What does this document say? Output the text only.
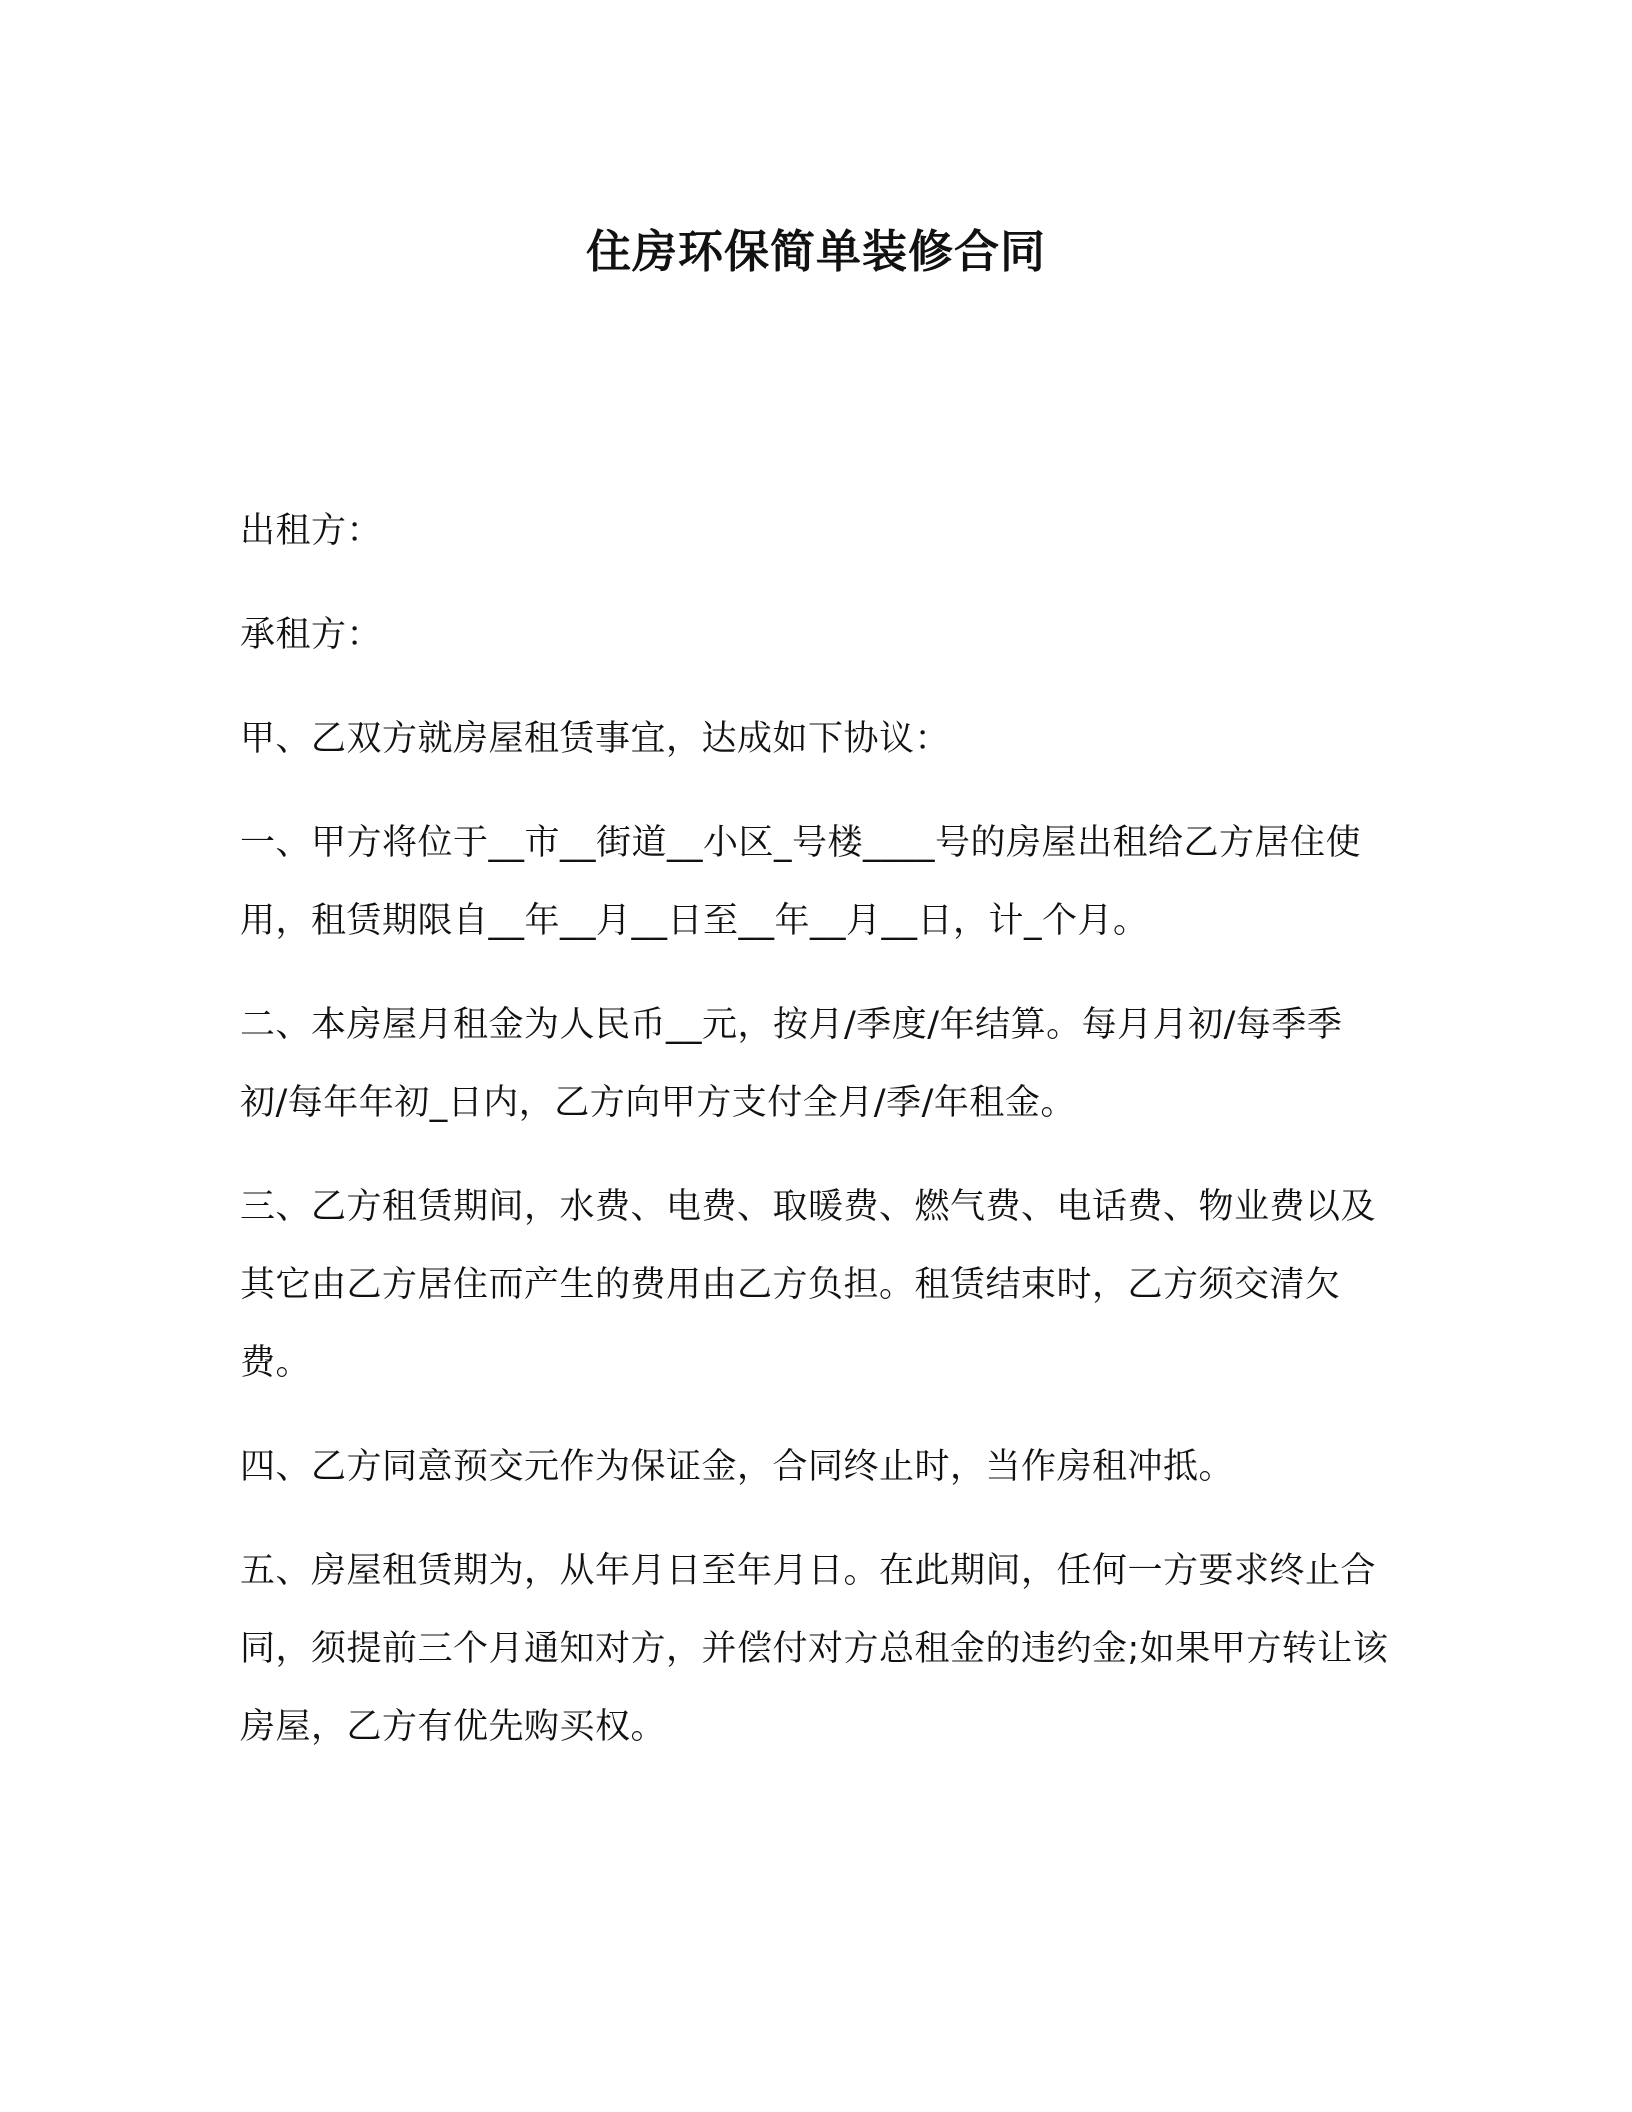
住房环保简单装修合同

出租方：

承租方：

甲、乙双方就房屋租赁事宜，达成如下协议：

一、甲方将位于__市__街道__小区_号楼____号的房屋出租给乙方居住使用，租赁期限自__年__月__日至__年__月__日，计_个月。

二、本房屋月租金为人民币__元，按月/季度/年结算。每月月初/每季季初/每年年初_日内，乙方向甲方支付全月/季/年租金。

三、乙方租赁期间，水费、电费、取暖费、燃气费、电话费、物业费以及其它由乙方居住而产生的费用由乙方负担。租赁结束时，乙方须交清欠费。

四、乙方同意预交元作为保证金，合同终止时，当作房租冲抵。

五、房屋租赁期为，从年月日至年月日。在此期间，任何一方要求终止合同，须提前三个月通知对方，并偿付对方总租金的违约金;如果甲方转让该房屋，乙方有优先购买权。
